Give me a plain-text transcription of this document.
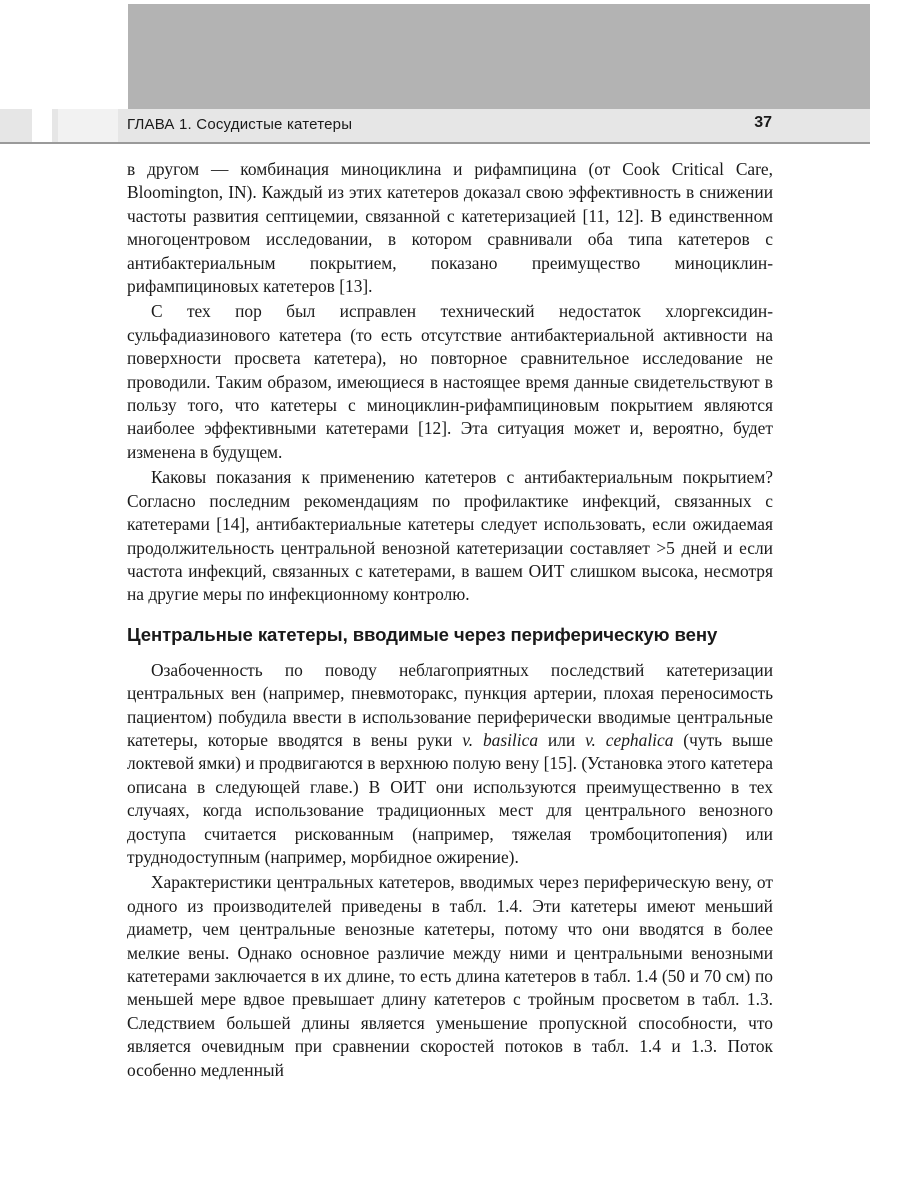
ГЛАВА 1. Сосудистые катетеры	37

в другом — комбинация миноциклина и рифампицина (от Cook Critical Care, Bloomington, IN). Каждый из этих катетеров доказал свою эффективность в снижении частоты развития септицемии, связанной с катетеризацией [11, 12]. В единственном многоцентровом исследовании, в котором сравнивали оба типа катетеров с антибактериальным покрытием, показано преимущество миноциклин-рифампициновых катетеров [13].

С тех пор был исправлен технический недостаток хлоргексидин-сульфадиазинового катетера (то есть отсутствие антибактериальной активности на поверхности просвета катетера), но повторное сравнительное исследование не проводили. Таким образом, имеющиеся в настоящее время данные свидетельствуют в пользу того, что катетеры с миноциклин-рифампициновым покрытием являются наиболее эффективными катетерами [12]. Эта ситуация может и, вероятно, будет изменена в будущем.

Каковы показания к применению катетеров с антибактериальным покрытием? Согласно последним рекомендациям по профилактике инфекций, связанных с катетерами [14], антибактериальные катетеры следует использовать, если ожидаемая продолжительность центральной венозной катетеризации составляет >5 дней и если частота инфекций, связанных с катетерами, в вашем ОИТ слишком высока, несмотря на другие меры по инфекционному контролю.

Центральные катетеры, вводимые через периферическую вену

Озабоченность по поводу неблагоприятных последствий катетеризации центральных вен (например, пневмоторакс, пункция артерии, плохая переносимость пациентом) побудила ввести в использование периферически вводимые центральные катетеры, которые вводятся в вены руки v. basilica или v. cephalica (чуть выше локтевой ямки) и продвигаются в верхнюю полую вену [15]. (Установка этого катетера описана в следующей главе.) В ОИТ они используются преимущественно в тех случаях, когда использование традиционных мест для центрального венозного доступа считается рискованным (например, тяжелая тромбоцитопения) или труднодоступным (например, морбидное ожирение).

Характеристики центральных катетеров, вводимых через периферическую вену, от одного из производителей приведены в табл. 1.4. Эти катетеры имеют меньший диаметр, чем центральные венозные катетеры, потому что они вводятся в более мелкие вены. Однако основное различие между ними и центральными венозными катетерами заключается в их длине, то есть длина катетеров в табл. 1.4 (50 и 70 см) по меньшей мере вдвое превышает длину катетеров с тройным просветом в табл. 1.3. Следствием большей длины является уменьшение пропускной способности, что является очевидным при сравнении скоростей потоков в табл. 1.4 и 1.3. Поток особенно медленный
